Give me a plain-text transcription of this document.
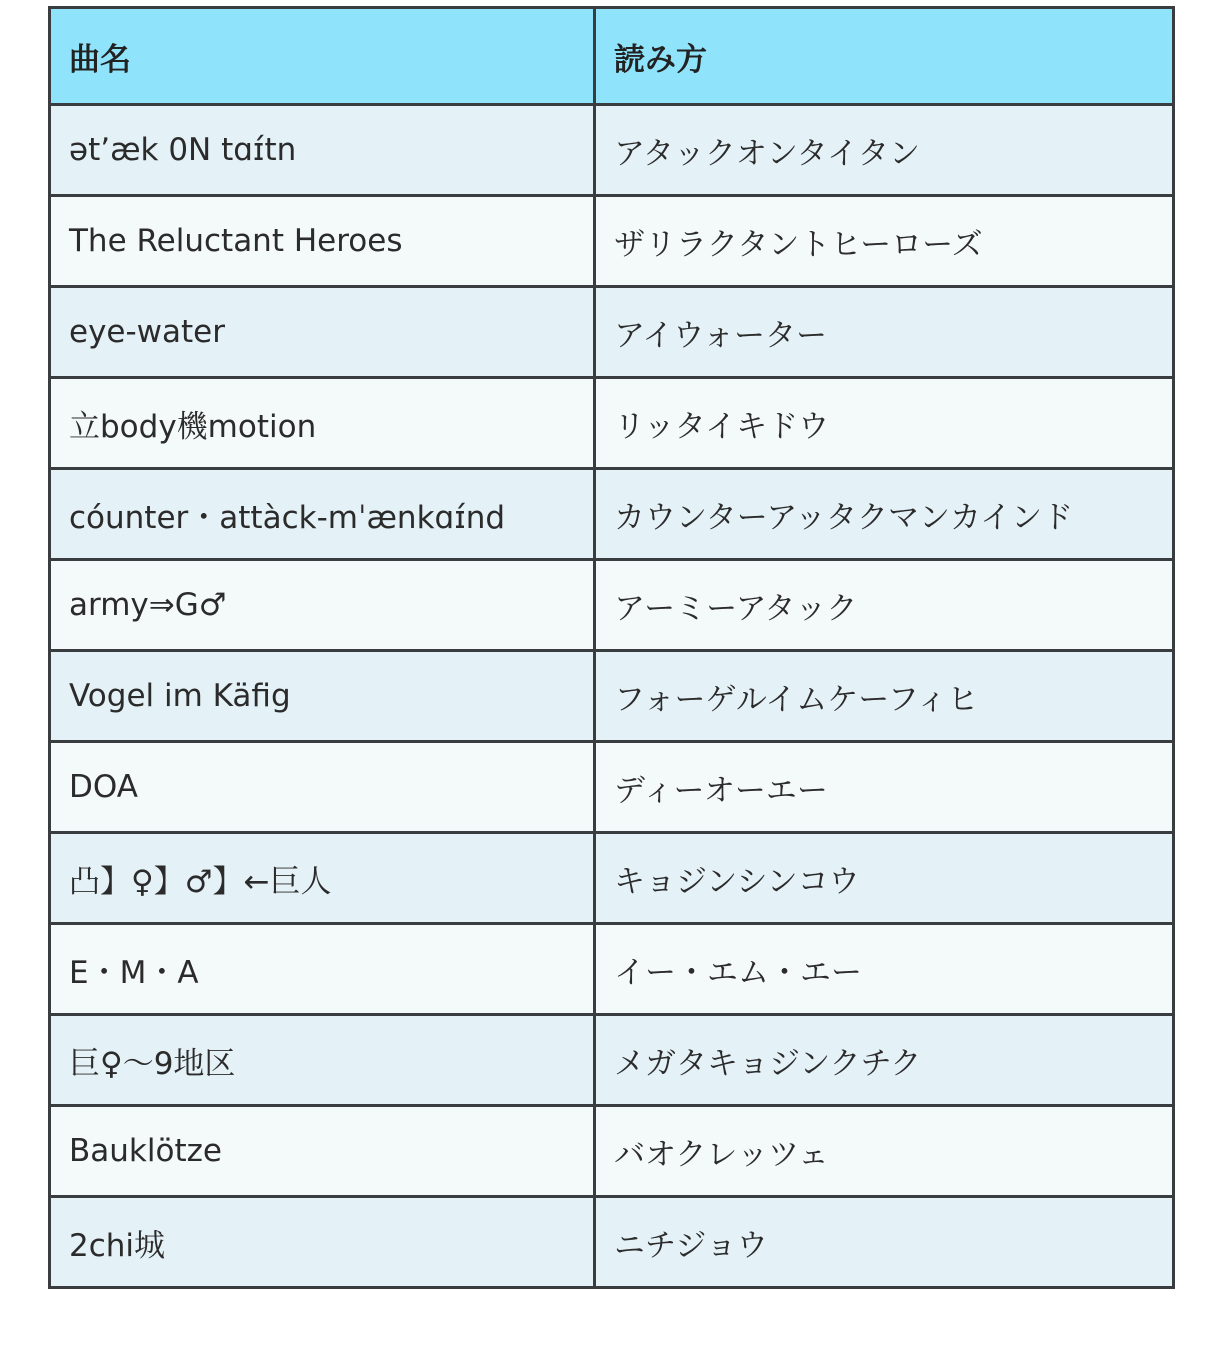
曲名	読み方
ətʼæk 0N tɑɪ́tn	アタックオンタイタン
The Reluctant Heroes	ザリラクタントヒーローズ
eye-water	アイウォーター
立body機motion	リッタイキドウ
cóunter・attàck-mˈænkɑɪ́nd	カウンターアッタクマンカインド
army⇒G♂	アーミーアタック
Vogel im Käfig	フォーゲルイムケーフィヒ
DOA	ディーオーエー
凸】♀】♂】←巨人	キョジンシンコウ
E・M・A	イー・エム・エー
巨♀〜9地区	メガタキョジンクチク
Bauklötze	バオクレッツェ
2chi城	ニチジョウ
